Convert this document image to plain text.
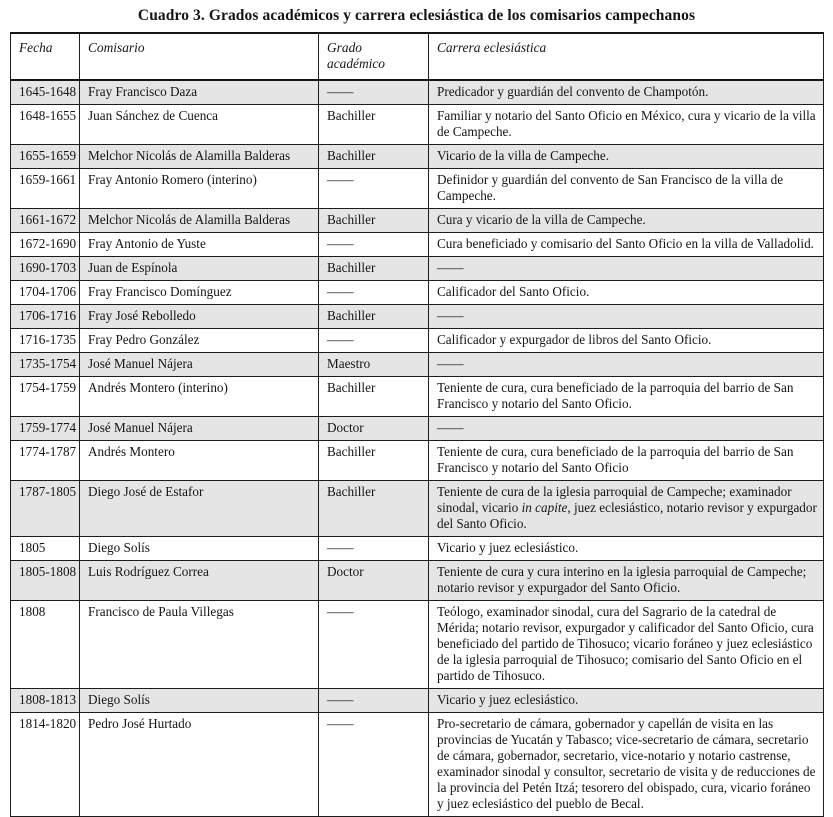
Cuadro 3. Grados académicos y carrera eclesiástica de los comisarios campechanos
Fecha	Comisario	Grado académico	Carrera eclesiástica
1645-1648	Fray Francisco Daza	——	Predicador y guardián del convento de Champotón.
1648-1655	Juan Sánchez de Cuenca	Bachiller	Familiar y notario del Santo Oficio en México, cura y vicario de la villa de Campeche.
1655-1659	Melchor Nicolás de Alamilla Balderas	Bachiller	Vicario de la villa de Campeche.
1659-1661	Fray Antonio Romero (interino)	——	Definidor y guardián del convento de San Francisco de la villa de Campeche.
1661-1672	Melchor Nicolás de Alamilla Balderas	Bachiller	Cura y vicario de la villa de Campeche.
1672-1690	Fray Antonio de Yuste	——	Cura beneficiado y comisario del Santo Oficio en la villa de Valladolid.
1690-1703	Juan de Espínola	Bachiller	——
1704-1706	Fray Francisco Domínguez	——	Calificador del Santo Oficio.
1706-1716	Fray José Rebolledo	Bachiller	——
1716-1735	Fray Pedro González	——	Calificador y expurgador de libros del Santo Oficio.
1735-1754	José Manuel Nájera	Maestro	——
1754-1759	Andrés Montero (interino)	Bachiller	Teniente de cura, cura beneficiado de la parroquia del barrio de San Francisco y notario del Santo Oficio.
1759-1774	José Manuel Nájera	Doctor	——
1774-1787	Andrés Montero	Bachiller	Teniente de cura, cura beneficiado de la parroquia del barrio de San Francisco y notario del Santo Oficio
1787-1805	Diego José de Estafor	Bachiller	Teniente de cura de la iglesia parroquial de Campeche; examinador sinodal, vicario in capite, juez eclesiástico, notario revisor y expurgador del Santo Oficio.
1805	Diego Solís	——	Vicario y juez eclesiástico.
1805-1808	Luis Rodríguez Correa	Doctor	Teniente de cura y cura interino en la iglesia parroquial de Campeche; notario revisor y expurgador del Santo Oficio.
1808	Francisco de Paula Villegas	——	Teólogo, examinador sinodal, cura del Sagrario de la catedral de Mérida; notario revisor, expurgador y calificador del Santo Oficio, cura beneficiado del partido de Tihosuco; vicario foráneo y juez eclesiástico de la iglesia parroquial de Tihosuco; comisario del Santo Oficio en el partido de Tihosuco.
1808-1813	Diego Solís	——	Vicario y juez eclesiástico.
1814-1820	Pedro José Hurtado	——	Pro-secretario de cámara, gobernador y capellán de visita en las provincias de Yucatán y Tabasco; vice-secretario de cámara, secretario de cámara, gobernador, secretario, vice-notario y notario castrense, examinador sinodal y consultor, secretario de visita y de reducciones de la provincia del Petén Itzá; tesorero del obispado, cura, vicario foráneo y juez eclesiástico del pueblo de Becal.
